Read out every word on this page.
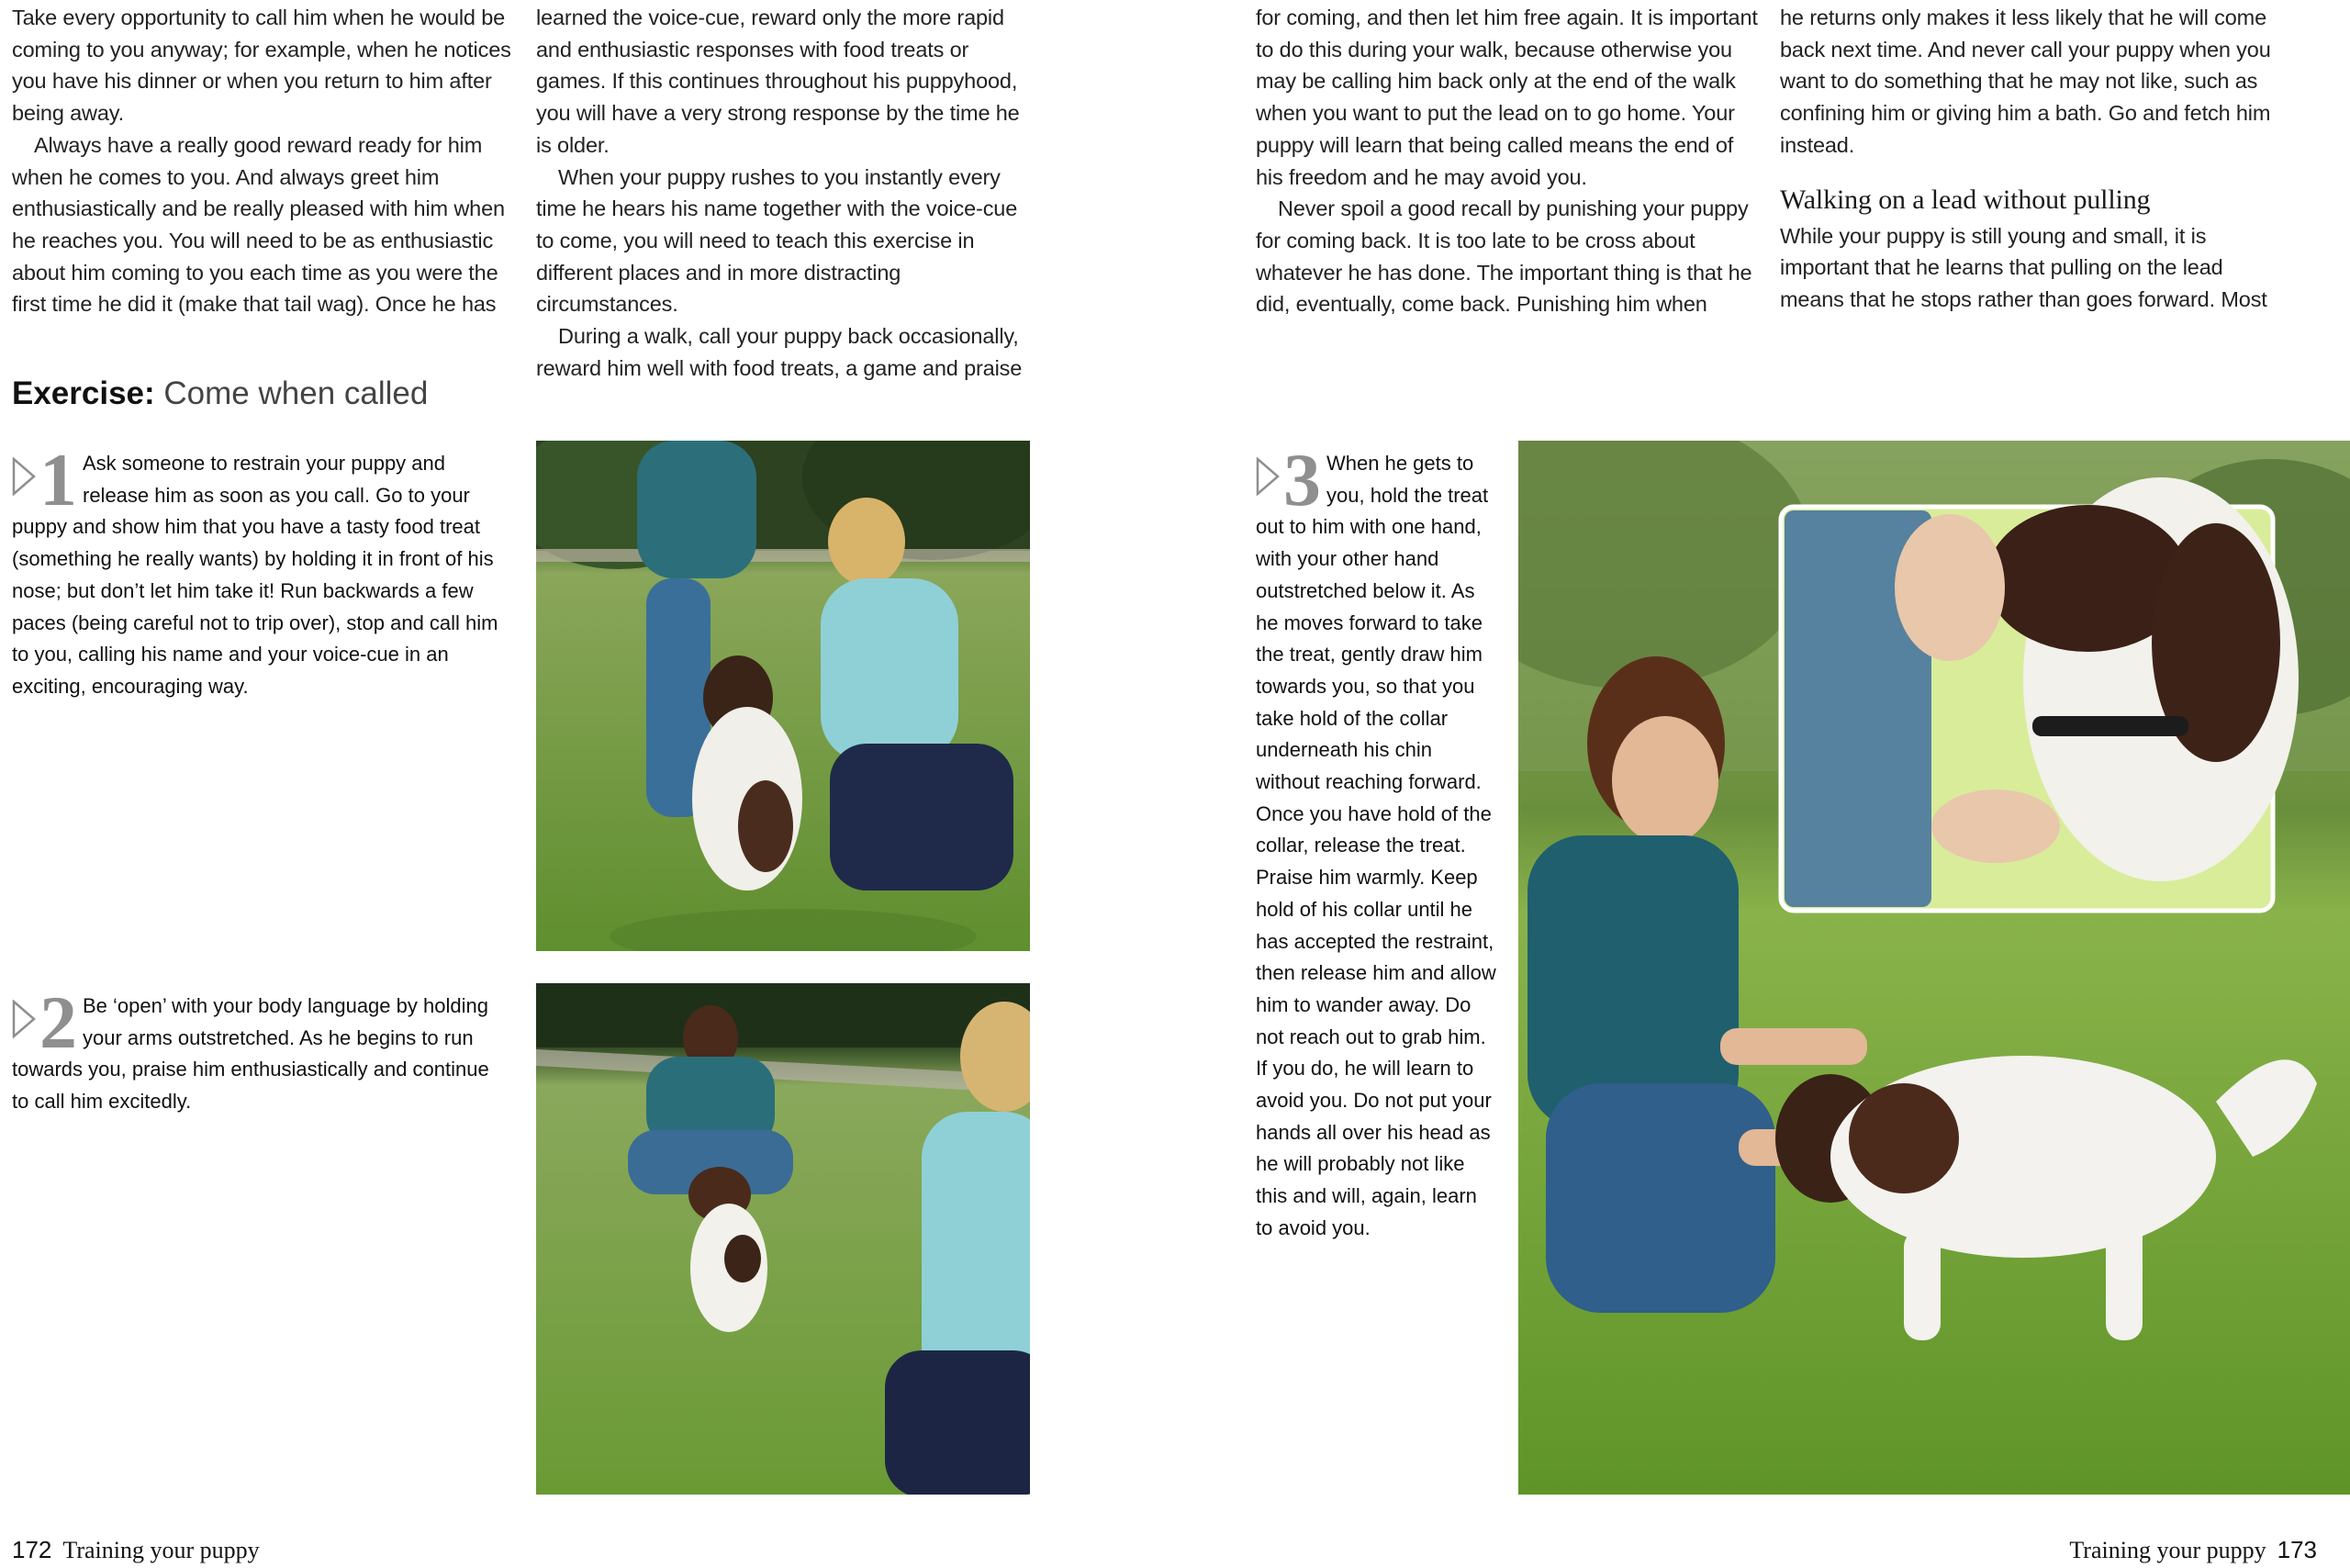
Take every opportunity to call him when he would be coming to you anyway; for example, when he notices you have his dinner or when you return to him after being away.

Always have a really good reward ready for him when he comes to you. And always greet him enthusiastically and be really pleased with him when he reaches you. You will need to be as enthusiastic about him coming to you each time as you were the first time he did it (make that tail wag). Once he has

learned the voice-cue, reward only the more rapid and enthusiastic responses with food treats or games. If this continues throughout his puppyhood, you will have a very strong response by the time he is older.

When your puppy rushes to you instantly every time he hears his name together with the voice-cue to come, you will need to teach this exercise in different places and in more distracting circumstances.

During a walk, call your puppy back occasionally, reward him well with food treats, a game and praise

for coming, and then let him free again. It is important to do this during your walk, because otherwise you may be calling him back only at the end of the walk when you want to put the lead on to go home. Your puppy will learn that being called means the end of his freedom and he may avoid you.

Never spoil a good recall by punishing your puppy for coming back. It is too late to be cross about whatever he has done. The important thing is that he did, eventually, come back. Punishing him when

he returns only makes it less likely that he will come back next time. And never call your puppy when you want to do something that he may not like, such as confining him or giving him a bath. Go and fetch him instead.

Walking on a lead without pulling

While your puppy is still young and small, it is important that he learns that pulling on the lead means that he stops rather than goes forward. Most

Exercise: Come when called
1 Ask someone to restrain your puppy and release him as soon as you call. Go to your puppy and show him that you have a tasty food treat (something he really wants) by holding it in front of his nose; but don’t let him take it! Run backwards a few paces (being careful not to trip over), stop and call him to you, calling his name and your voice-cue in an exciting, encouraging way.

2 Be ‘open’ with your body language by holding your arms outstretched. As he begins to run towards you, praise him enthusiastically and continue to call him excitedly.

3 When he gets to you, hold the treat out to him with one hand, with your other hand outstretched below it. As he moves forward to take the treat, gently draw him towards you, so that you take hold of the collar underneath his chin without reaching forward. Once you have hold of the collar, release the treat. Praise him warmly. Keep hold of his collar until he has accepted the restraint, then release him and allow him to wander away. Do not reach out to grab him. If you do, he will learn to avoid you. Do not put your hands all over his head as he will probably not like this and will, again, learn to avoid you.

172 Training your puppy	Training your puppy 173
